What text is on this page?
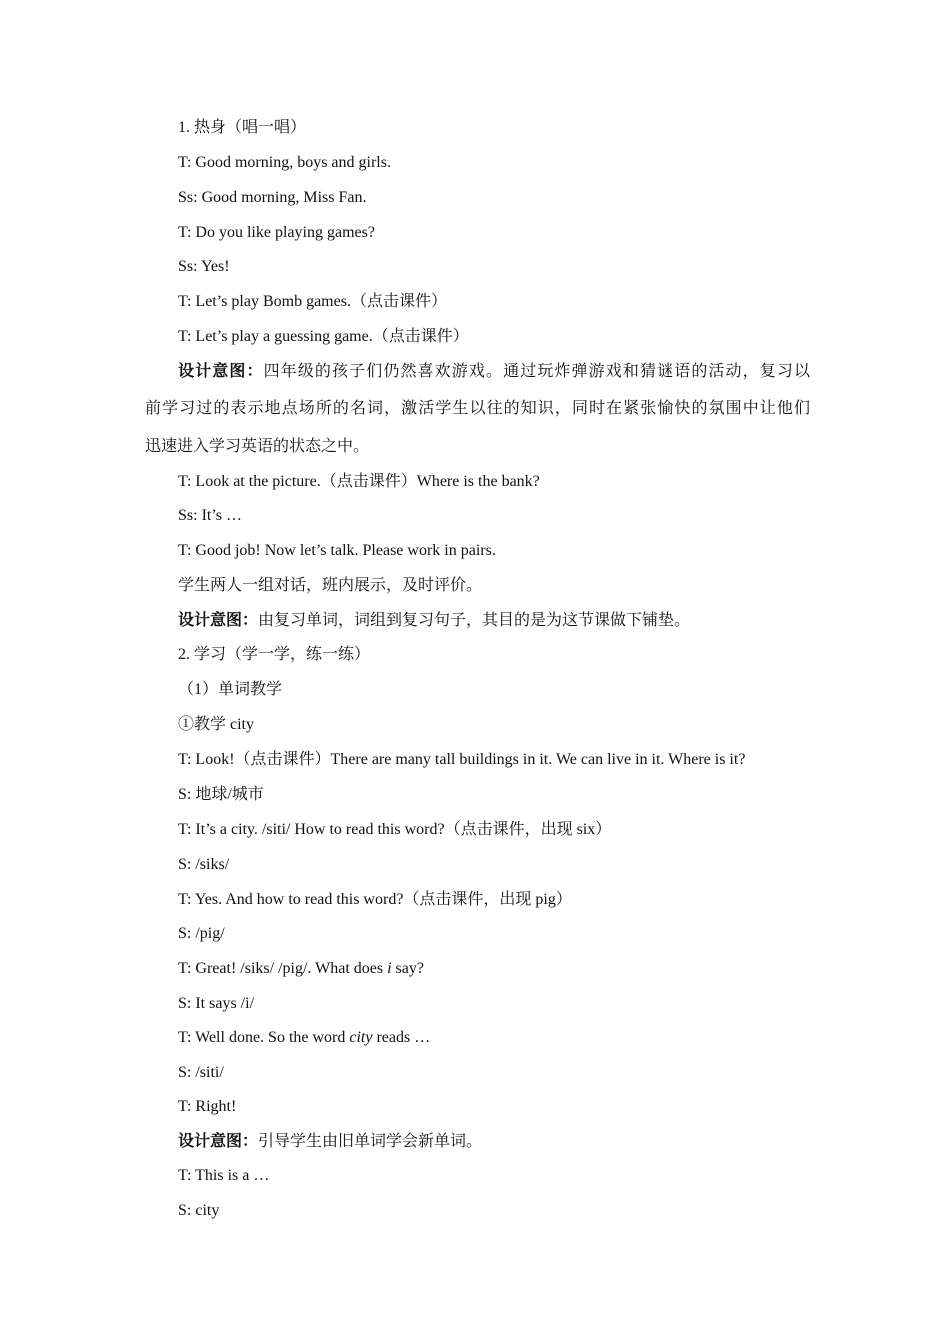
1. 热身（唱一唱）
T: Good morning, boys and girls.
Ss: Good morning, Miss Fan.
T: Do you like playing games?
Ss: Yes!
T: Let’s play Bomb games.（点击课件）
T: Let’s play a guessing game.（点击课件）
设计意图：四年级的孩子们仍然喜欢游戏。通过玩炸弹游戏和猜谜语的活动，复习以
前学习过的表示地点场所的名词，激活学生以往的知识，同时在紧张愉快的氛围中让他们
迅速进入学习英语的状态之中。
T: Look at the picture.（点击课件）Where is the bank?
Ss: It’s …
T: Good job! Now let’s talk. Please work in pairs.
学生两人一组对话，班内展示，及时评价。
设计意图：由复习单词，词组到复习句子，其目的是为这节课做下铺垫。
2. 学习（学一学，练一练）
（1）单词教学
①教学 city
T: Look!（点击课件）There are many tall buildings in it. We can live in it. Where is it?
S: 地球/城市
T: It’s a city. /siti/ How to read this word?（点击课件，出现 six）
S: /siks/
T: Yes. And how to read this word?（点击课件，出现 pig）
S: /pig/
T: Great! /siks/ /pig/. What does i say?
S: It says /i/
T: Well done. So the word city reads …
S: /siti/
T: Right!
设计意图：引导学生由旧单词学会新单词。
T: This is a …
S: city
